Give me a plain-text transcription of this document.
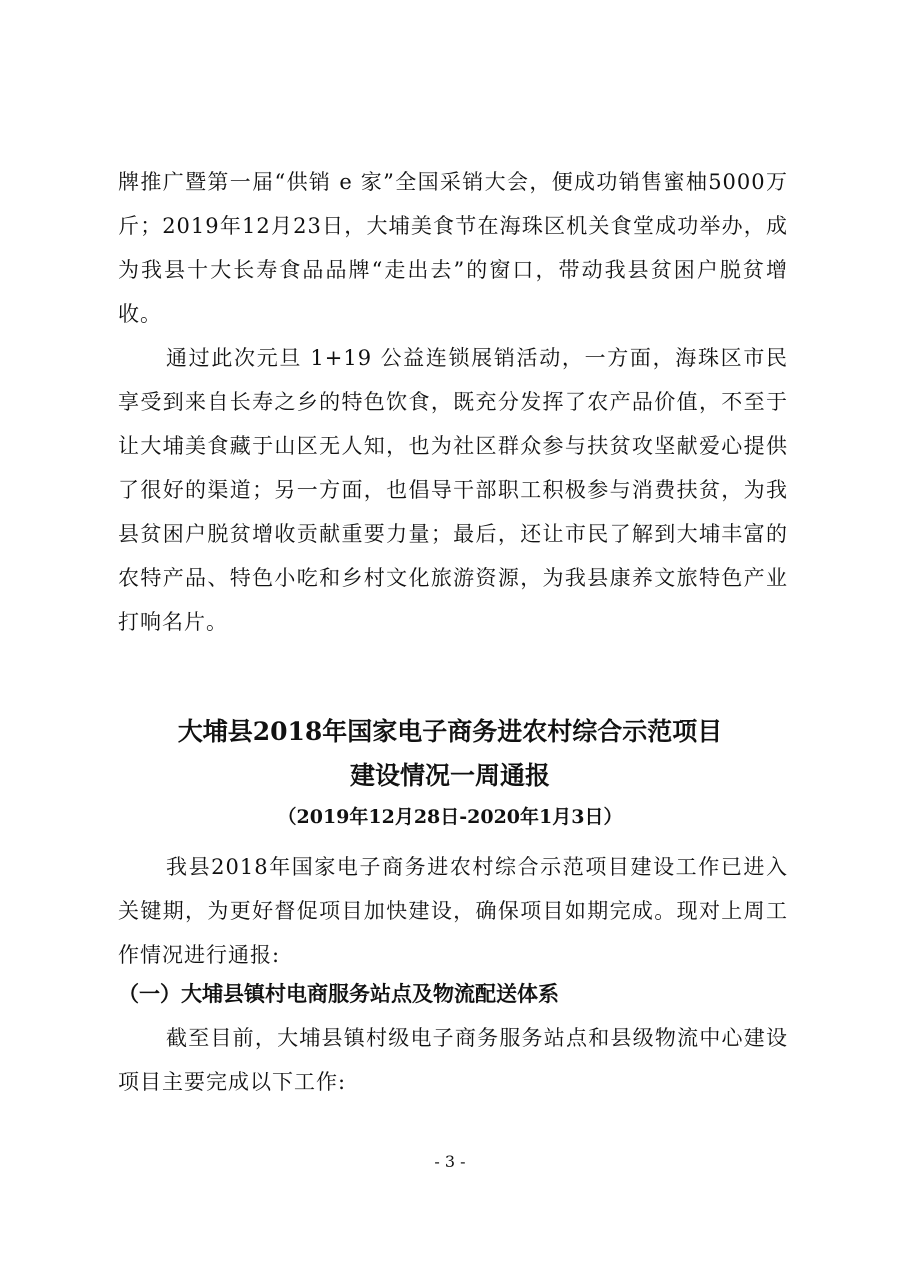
牌推广暨第一届“供销 e 家”全国采销大会，便成功销售蜜柚5000万斤；2019年12月23日，大埔美食节在海珠区机关食堂成功举办，成为我县十大长寿食品品牌“走出去”的窗口，带动我县贫困户脱贫增收。

通过此次元旦 1+19 公益连锁展销活动，一方面，海珠区市民享受到来自长寿之乡的特色饮食，既充分发挥了农产品价值，不至于让大埔美食藏于山区无人知，也为社区群众参与扶贫攻坚献爱心提供了很好的渠道；另一方面，也倡导干部职工积极参与消费扶贫，为我县贫困户脱贫增收贡献重要力量；最后，还让市民了解到大埔丰富的农特产品、特色小吃和乡村文化旅游资源，为我县康养文旅特色产业打响名片。

大埔县2018年国家电子商务进农村综合示范项目
建设情况一周通报
（2019年12月28日-2020年1月3日）

我县2018年国家电子商务进农村综合示范项目建设工作已进入关键期，为更好督促项目加快建设，确保项目如期完成。现对上周工作情况进行通报:

（一）大埔县镇村电商服务站点及物流配送体系

截至目前，大埔县镇村级电子商务服务站点和县级物流中心建设项目主要完成以下工作:

- 3 -
